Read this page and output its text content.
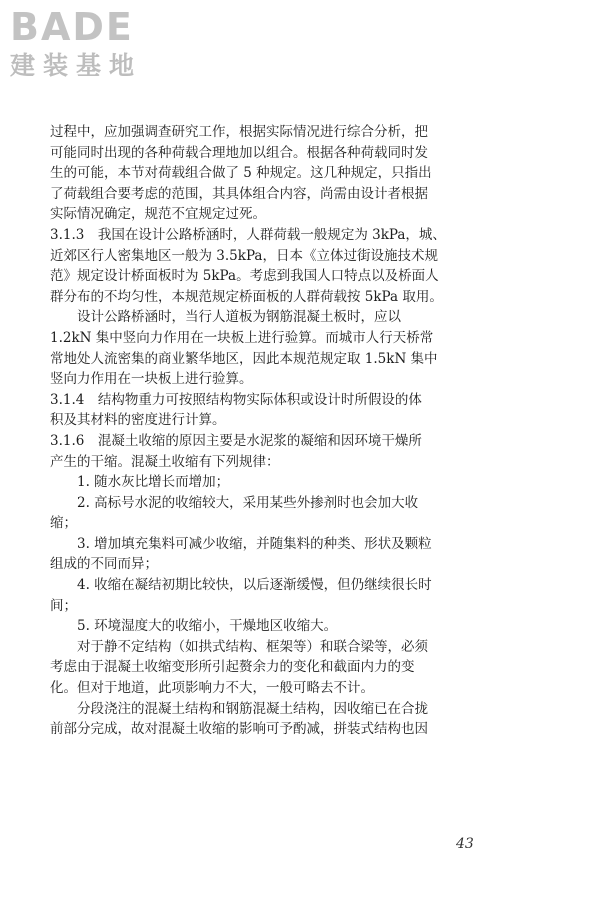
BADE
建装基地

过程中，应加强调查研究工作，根据实际情况进行综合分析，把

可能同时出现的各种荷载合理地加以组合。根据各种荷载同时发

生的可能，本节对荷载组合做了 5 种规定。这几种规定，只指出

了荷载组合要考虑的范围，其具体组合内容，尚需由设计者根据

实际情况确定，规范不宜规定过死。

3.1.3　我国在设计公路桥涵时，人群荷载一般规定为 3kPa，城、

近郊区行人密集地区一般为 3.5kPa，日本《立体过街设施技术规

范》规定设计桥面板时为 5kPa。考虑到我国人口特点以及桥面人

群分布的不均匀性，本规范规定桥面板的人群荷载按 5kPa 取用。

设计公路桥涵时，当行人道板为钢筋混凝土板时，应以

1.2kN 集中竖向力作用在一块板上进行验算。而城市人行天桥常

常地处人流密集的商业繁华地区，因此本规范规定取 1.5kN 集中

竖向力作用在一块板上进行验算。

3.1.4　结构物重力可按照结构物实际体积或设计时所假设的体

积及其材料的密度进行计算。

3.1.6　混凝土收缩的原因主要是水泥浆的凝缩和因环境干燥所

产生的干缩。混凝土收缩有下列规律：

1. 随水灰比增长而增加；

2. 高标号水泥的收缩较大，采用某些外掺剂时也会加大收

缩；

3. 增加填充集料可减少收缩，并随集料的种类、形状及颗粒

组成的不同而异；

4. 收缩在凝结初期比较快，以后逐渐缓慢，但仍继续很长时

间；

5. 环境湿度大的收缩小，干燥地区收缩大。

对于静不定结构（如拱式结构、框架等）和联合梁等，必须

考虑由于混凝土收缩变形所引起赘余力的变化和截面内力的变

化。但对于地道，此项影响力不大，一般可略去不计。

分段浇注的混凝土结构和钢筋混凝土结构，因收缩已在合拢

前部分完成，故对混凝土收缩的影响可予酌减，拼装式结构也因

43
